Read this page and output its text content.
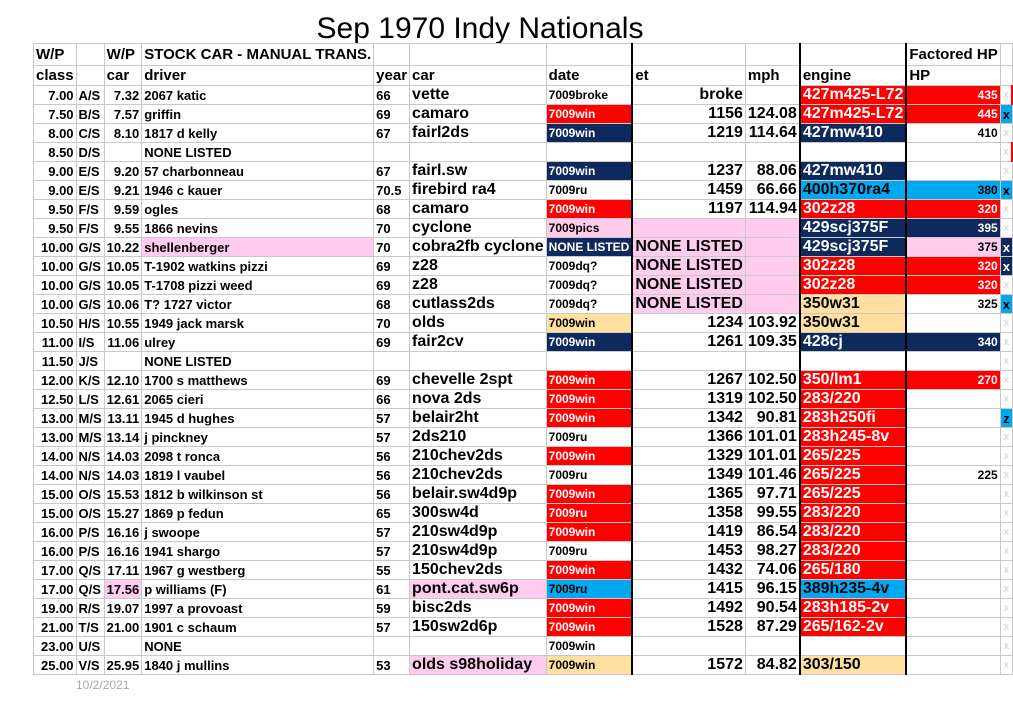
Sep 1970 Indy Nationals
W/P		W/P	STOCK CAR - MANUAL TRANS.							Factored HP	
class		car	driver	year	car	date	et	mph	engine	HP	
7.00	A/S	7.32	2067 katic	66	vette	7009broke	broke		427m425-L72	435	x
7.50	B/S	7.57	griffin	69	camaro	7009win	1156	124.08	427m425-L72	445	x
8.00	C/S	8.10	1817 d kelly	67	fairl2ds	7009win	1219	114.64	427mw410	410	x
8.50	D/S		NONE LISTED								x
9.00	E/S	9.20	57 charbonneau	67	fairl.sw	7009win	1237	88.06	427mw410		x
9.00	E/S	9.21	1946 c kauer	70.5	firebird ra4	7009ru	1459	66.66	400h370ra4	380	x
9.50	F/S	9.59	ogles	68	camaro	7009win	1197	114.94	302z28	320	x
9.50	F/S	9.55	1866 nevins	70	cyclone	7009pics			429scj375F	395	x
10.00	G/S	10.22	shellenberger	70	cobra2fb cyclone	NONE LISTED	NONE LISTED		429scj375F	375	x
10.00	G/S	10.05	T-1902 watkins pizzi	69	z28	7009dq?	NONE LISTED		302z28	320	x
10.00	G/S	10.05	T-1708 pizzi weed	69	z28	7009dq?	NONE LISTED		302z28	320	x
10.00	G/S	10.06	T? 1727 victor	68	cutlass2ds	7009dq?	NONE LISTED		350w31	325	x
10.50	H/S	10.55	1949 jack marsk	70	olds	7009win	1234	103.92	350w31		x
11.00	I/S	11.06	ulrey	69	fair2cv	7009win	1261	109.35	428cj	340	x
11.50	J/S		NONE LISTED								x
12.00	K/S	12.10	1700 s matthews	69	chevelle 2spt	7009win	1267	102.50	350/lm1	270	x
12.50	L/S	12.61	2065 cieri	66	nova 2ds	7009win	1319	102.50	283/220		x
13.00	M/S	13.11	1945 d hughes	57	belair2ht	7009win	1342	90.81	283h250fi		z
13.00	M/S	13.14	j pinckney	57	2ds210	7009ru	1366	101.01	283h245-8v		x
14.00	N/S	14.03	2098 t ronca	56	210chev2ds	7009win	1329	101.01	265/225		x
14.00	N/S	14.03	1819 l vaubel	56	210chev2ds	7009ru	1349	101.46	265/225	225	x
15.00	O/S	15.53	1812 b wilkinson st	56	belair.sw4d9p	7009win	1365	97.71	265/225		x
15.00	O/S	15.27	1869 p fedun	65	300sw4d	7009ru	1358	99.55	283/220		x
16.00	P/S	16.16	j swoope	57	210sw4d9p	7009win	1419	86.54	283/220		x
16.00	P/S	16.16	1941 shargo	57	210sw4d9p	7009ru	1453	98.27	283/220		x
17.00	Q/S	17.11	1967 g westberg	55	150chev2ds	7009win	1432	74.06	265/180		x
17.00	Q/S	17.56	p williams (F)	61	pont.cat.sw6p	7009ru	1415	96.15	389h235-4v		x
19.00	R/S	19.07	1997 a provoast	59	bisc2ds	7009win	1492	90.54	283h185-2v		x
21.00	T/S	21.00	1901 c schaum	57	150sw2d6p	7009win	1528	87.29	265/162-2v		x
23.00	U/S		NONE			7009win					x
25.00	V/S	25.95	1840 j mullins	53	olds s98holiday	7009win	1572	84.82	303/150		x
10/2/2021
